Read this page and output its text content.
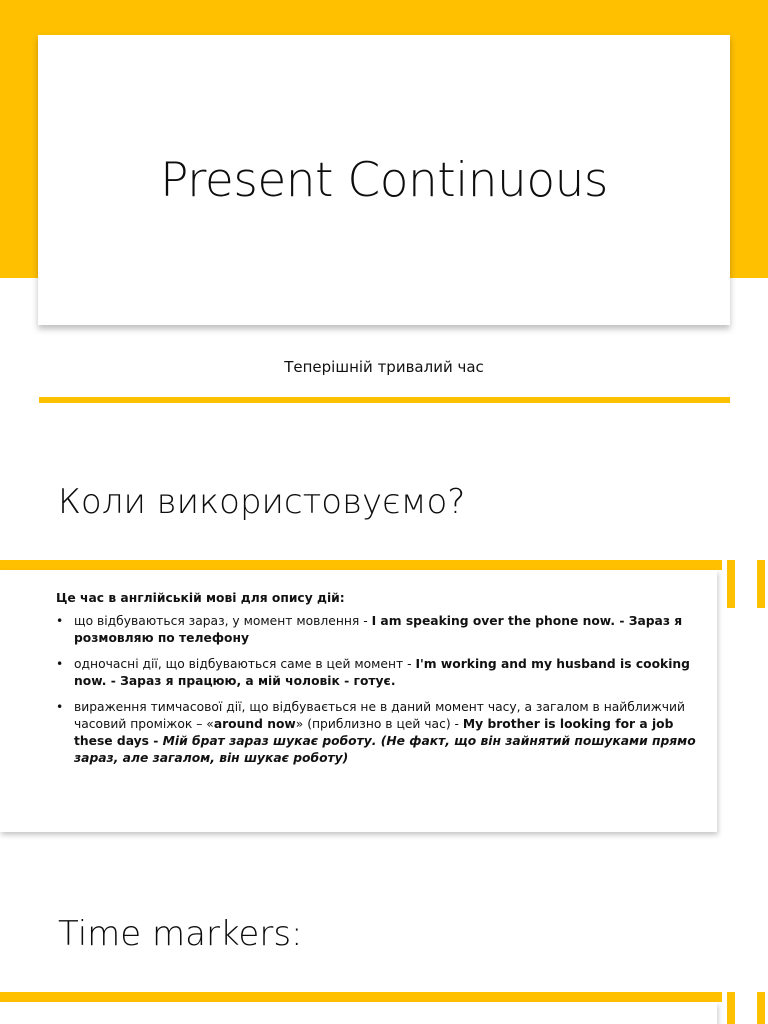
Present Continuous
Теперішній тривалий час
Коли використовуємо?
Це час в англійській мові для опису дій:
• що відбуваються зараз, у момент мовлення - I am speaking over the phone now. - Зараз я розмовляю по телефону
• одночасні дії, що відбуваються саме в цей момент - I'm working and my husband is cooking now. - Зараз я працюю, а мій чоловік - готує.
• вираження тимчасової дії, що відбувається не в даний момент часу, а загалом в найближчий часовий проміжок – «around now» (приблизно в цей час) - My brother is looking for a job these days - Мій брат зараз шукає роботу. (Не факт, що він зайнятий пошуками прямо зараз, але загалом, він шукає роботу)
Time markers:
